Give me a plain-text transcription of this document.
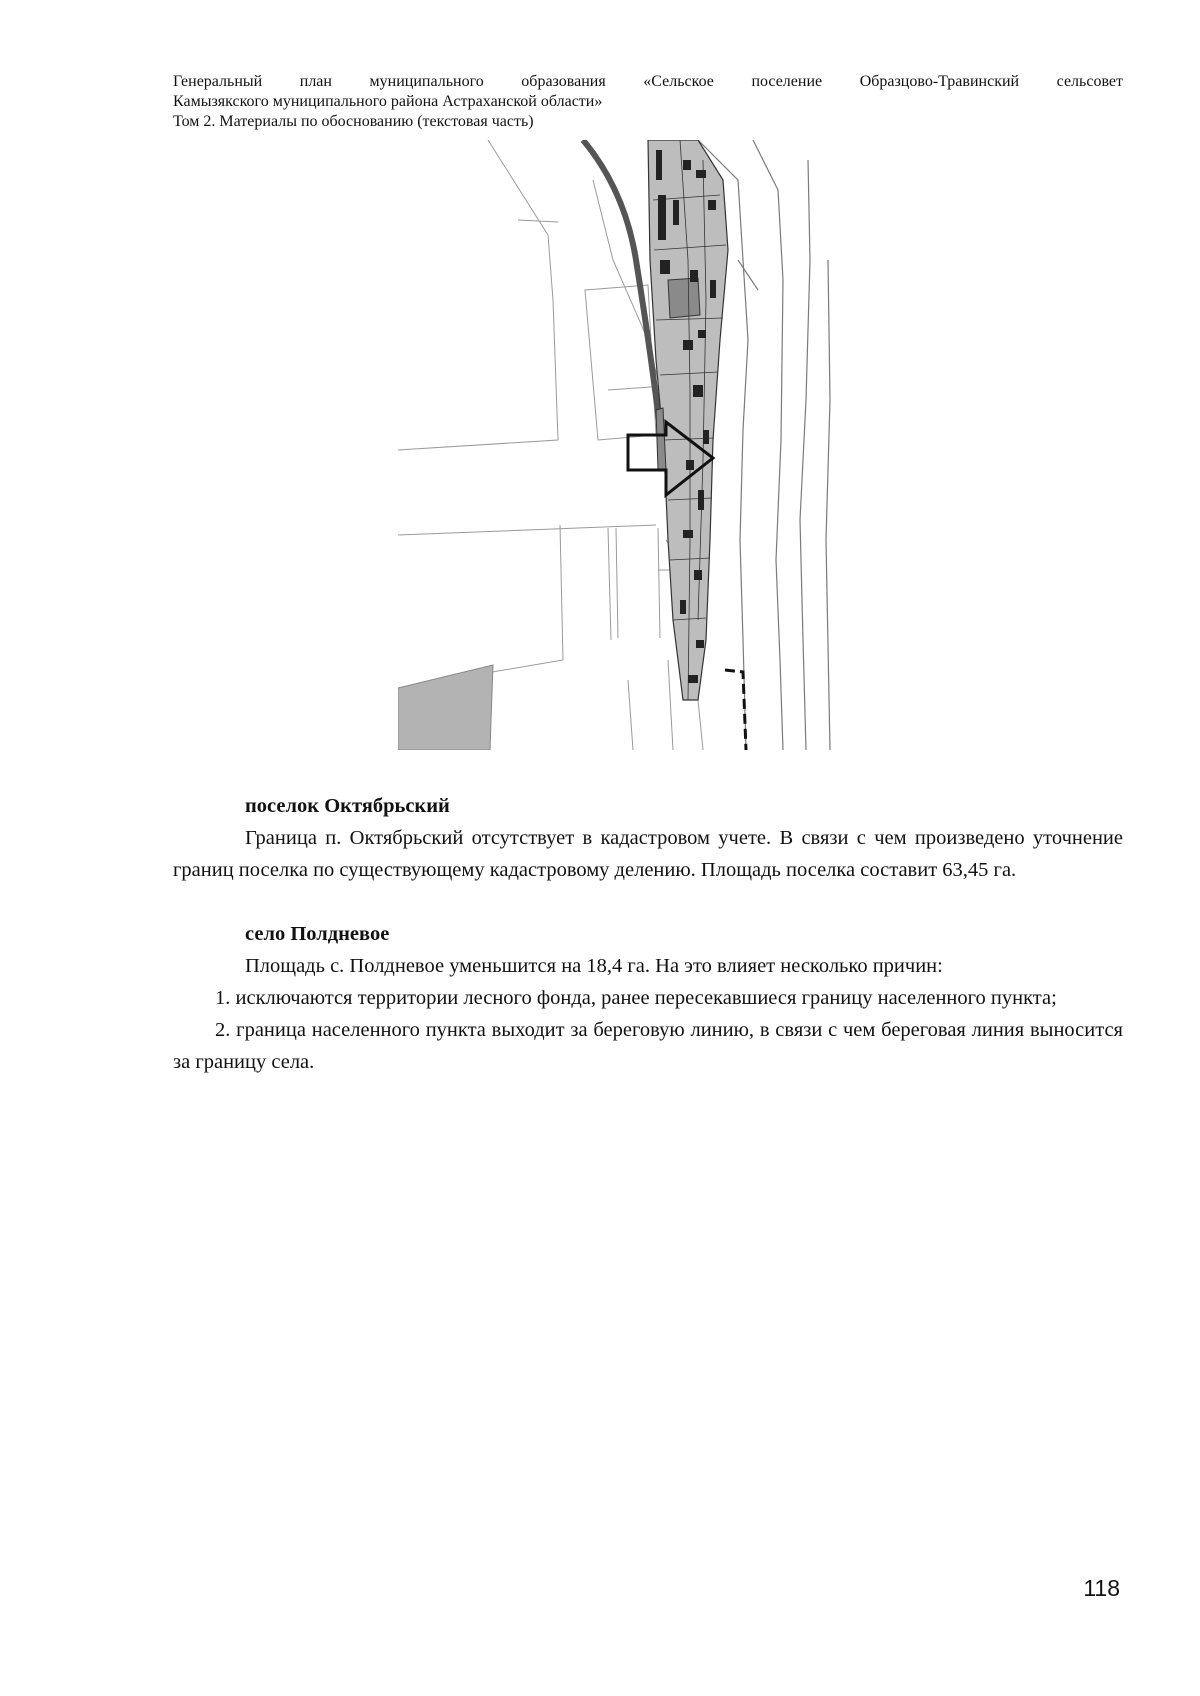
Генеральный план муниципального образования «Сельское поселение Образцово-Травинский сельсовет
Камызякского муниципального района Астраханской области»
Том 2. Материалы по обоснованию (текстовая часть)

поселок Октябрьский

Граница п. Октябрьский отсутствует в кадастровом учете. В связи с чем произведено уточнение границ поселка по существующему кадастровому делению. Площадь поселка составит 63,45 га.

село Полдневое

Площадь с. Полдневое уменьшится на 18,4 га. На это влияет несколько причин:

1. исключаются территории лесного фонда, ранее пересекавшиеся границу населенного пункта;

2. граница населенного пункта выходит за береговую линию, в связи с чем береговая линия выносится за границу села.

118
